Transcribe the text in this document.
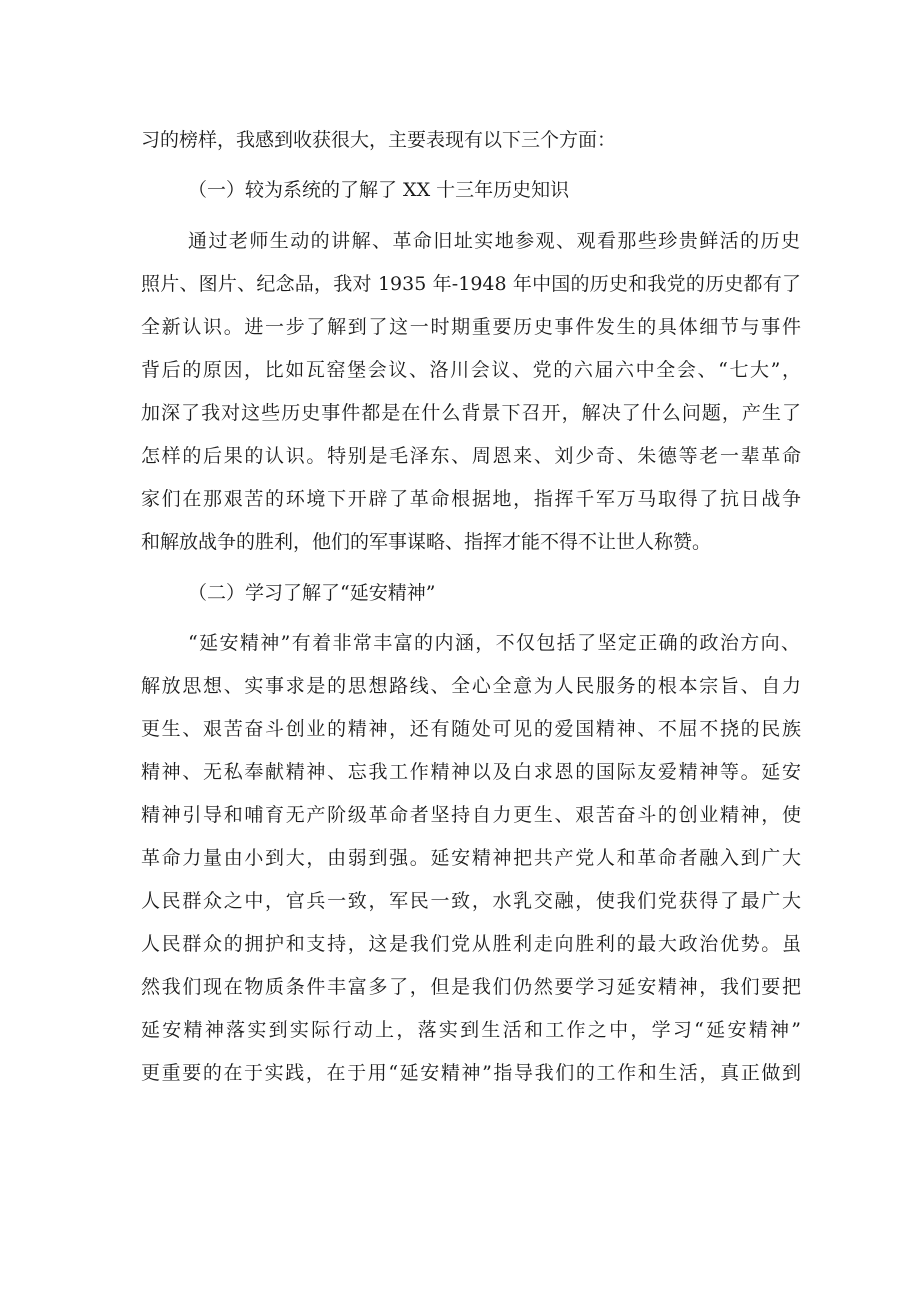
习的榜样，我感到收获很大，主要表现有以下三个方面：

（一）较为系统的了解了 XX 十三年历史知识

通过老师生动的讲解、革命旧址实地参观、观看那些珍贵鲜活的历史

照片、图片、纪念品，我对 1935 年-1948 年中国的历史和我党的历史都有了

全新认识。进一步了解到了这一时期重要历史事件发生的具体细节与事件

背后的原因，比如瓦窑堡会议、洛川会议、党的六届六中全会、“七大”，

加深了我对这些历史事件都是在什么背景下召开，解决了什么问题，产生了

怎样的后果的认识。特别是毛泽东、周恩来、刘少奇、朱德等老一辈革命

家们在那艰苦的环境下开辟了革命根据地，指挥千军万马取得了抗日战争

和解放战争的胜利，他们的军事谋略、指挥才能不得不让世人称赞。

（二）学习了解了“延安精神”

“延安精神”有着非常丰富的内涵，不仅包括了坚定正确的政治方向、

解放思想、实事求是的思想路线、全心全意为人民服务的根本宗旨、自力

更生、艰苦奋斗创业的精神，还有随处可见的爱国精神、不屈不挠的民族

精神、无私奉献精神、忘我工作精神以及白求恩的国际友爱精神等。延安

精神引导和哺育无产阶级革命者坚持自力更生、艰苦奋斗的创业精神，使

革命力量由小到大，由弱到强。延安精神把共产党人和革命者融入到广大

人民群众之中，官兵一致，军民一致，水乳交融，使我们党获得了最广大

人民群众的拥护和支持，这是我们党从胜利走向胜利的最大政治优势。虽

然我们现在物质条件丰富多了，但是我们仍然要学习延安精神，我们要把

延安精神落实到实际行动上，落实到生活和工作之中，学习“延安精神”

更重要的在于实践，在于用“延安精神”指导我们的工作和生活，真正做到
